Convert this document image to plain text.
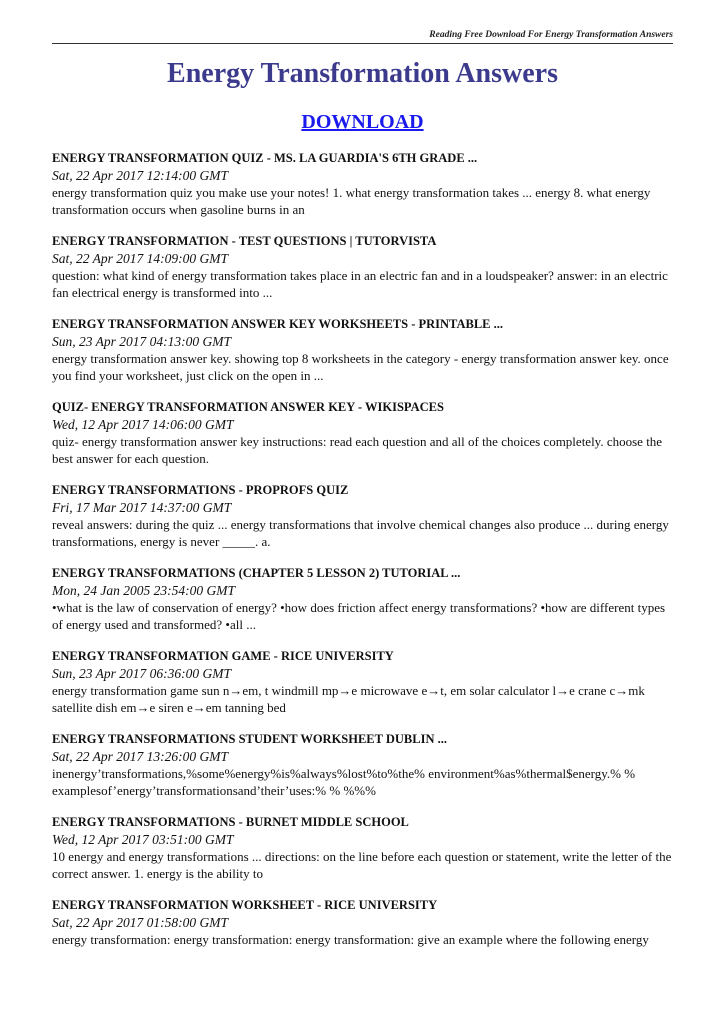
Reading Free Download For Energy Transformation Answers
Energy Transformation Answers
DOWNLOAD
ENERGY TRANSFORMATION QUIZ - MS. LA GUARDIA'S 6TH GRADE ...
Sat, 22 Apr 2017 12:14:00 GMT
energy transformation quiz you make use your notes! 1. what energy transformation takes ... energy 8. what energy transformation occurs when gasoline burns in an
ENERGY TRANSFORMATION - TEST QUESTIONS | TUTORVISTA
Sat, 22 Apr 2017 14:09:00 GMT
question: what kind of energy transformation takes place in an electric fan and in a loudspeaker? answer: in an electric fan electrical energy is transformed into ...
ENERGY TRANSFORMATION ANSWER KEY WORKSHEETS - PRINTABLE ...
Sun, 23 Apr 2017 04:13:00 GMT
energy transformation answer key. showing top 8 worksheets in the category - energy transformation answer key. once you find your worksheet, just click on the open in ...
QUIZ- ENERGY TRANSFORMATION ANSWER KEY - WIKISPACES
Wed, 12 Apr 2017 14:06:00 GMT
quiz- energy transformation answer key instructions: read each question and all of the choices completely. choose the best answer for each question.
ENERGY TRANSFORMATIONS - PROPROFS QUIZ
Fri, 17 Mar 2017 14:37:00 GMT
reveal answers: during the quiz ... energy transformations that involve chemical changes also produce ... during energy transformations, energy is never _____. a.
ENERGY TRANSFORMATIONS (CHAPTER 5 LESSON 2) TUTORIAL ...
Mon, 24 Jan 2005 23:54:00 GMT
•what is the law of conservation of energy? •how does friction affect energy transformations? •how are different types of energy used and transformed? •all ...
ENERGY TRANSFORMATION GAME - RICE UNIVERSITY
Sun, 23 Apr 2017 06:36:00 GMT
energy transformation game sun n→em, t windmill mp→e microwave e→t, em solar calculator l→e crane c→mk satellite dish em→e siren e→em tanning bed
ENERGY TRANSFORMATIONS STUDENT WORKSHEET DUBLIN ...
Sat, 22 Apr 2017 13:26:00 GMT
inenergy’transformations,%some%energy%is%always%lost%to%the% environment%as%thermal$energy.% % examplesof’energy’transformationsand’their’uses:% % %%%
ENERGY TRANSFORMATIONS - BURNET MIDDLE SCHOOL
Wed, 12 Apr 2017 03:51:00 GMT
10 energy and energy transformations ... directions: on the line before each question or statement, write the letter of the correct answer. 1. energy is the ability to
ENERGY TRANSFORMATION WORKSHEET - RICE UNIVERSITY
Sat, 22 Apr 2017 01:58:00 GMT
energy transformation: energy transformation: energy transformation: give an example where the following energy
